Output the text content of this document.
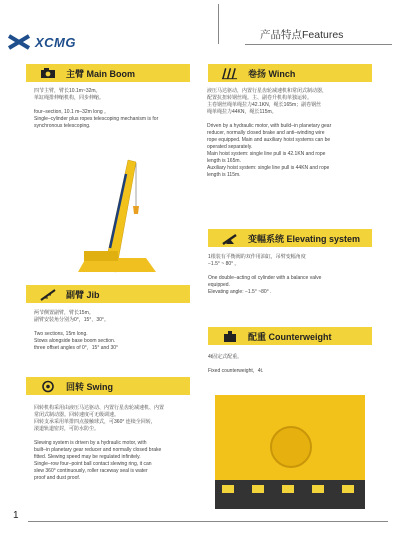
XCMG	产品特点Features
主臂 Main Boom
四节主臂，臂长10.1m~32m。
单缸绳排伸缩机构，同步伸缩。

four–section, 10.1 m–32m long 。
Single–cylinder plus ropes telescoping mechanism is for
synchronous telescoping.
卷扬 Winch
液压马达驱动，内置行星齿轮减速机和常闭式制动器，
配置抗扭转钢丝绳。主、副卷升机构单独运转。
主卷钢丝绳单绳拉力42.1KN，绳长165m；副卷钢丝
绳单绳拉力44KN，绳长115m。

Driven by a hydraulic motor, with build–in planetary gear
reducer, normally closed brake and anti–winding wire
rope equipped. Main and auxiliary hoist systems can be
operated separately.
Main hoist system: single line pull is 42.1KN and rope
length is 165m.
Auxiliary hoist system: single line pull is 44KN and rope
length is 115m.
变幅系统 Elevating system
1根装有平衡阀的双作用油缸，吊臂变幅角度
−1.5° ~ 80° 。

One double–acting oil cylinder with a balance valve
equipped.
Elevating angle: −1.5° ~80° .
副臂 Jib
两节侧置副臂，臂长15m。
副臂安装角分别为0°，15°，30°。

Two sections, 15m long.
Stows alongside base boom section.
three offset angles of 0°，15° and 30°
配重 Counterweight
4t固定式配重。

Fixed counterweight，4t.
回转 Swing
回转机构采用由液压马达驱动、内置行星齿轮减速机、内置
常闭式制动器。回转速度可无级调速。
回转支承采用单排四点接触球式，可360° 连续全回转，
滚道轨道密封，可防水防尘。

Slewing system is driven by a hydraulic motor, with
built–in planetary gear reducer and normally closed brake
fitted. Slewing speed may be regulated infinitely.
Single–row four–point ball contact slewing ring, it can
slew 360° continuously, roller raceway seal is water
proof and dust proof.
1
